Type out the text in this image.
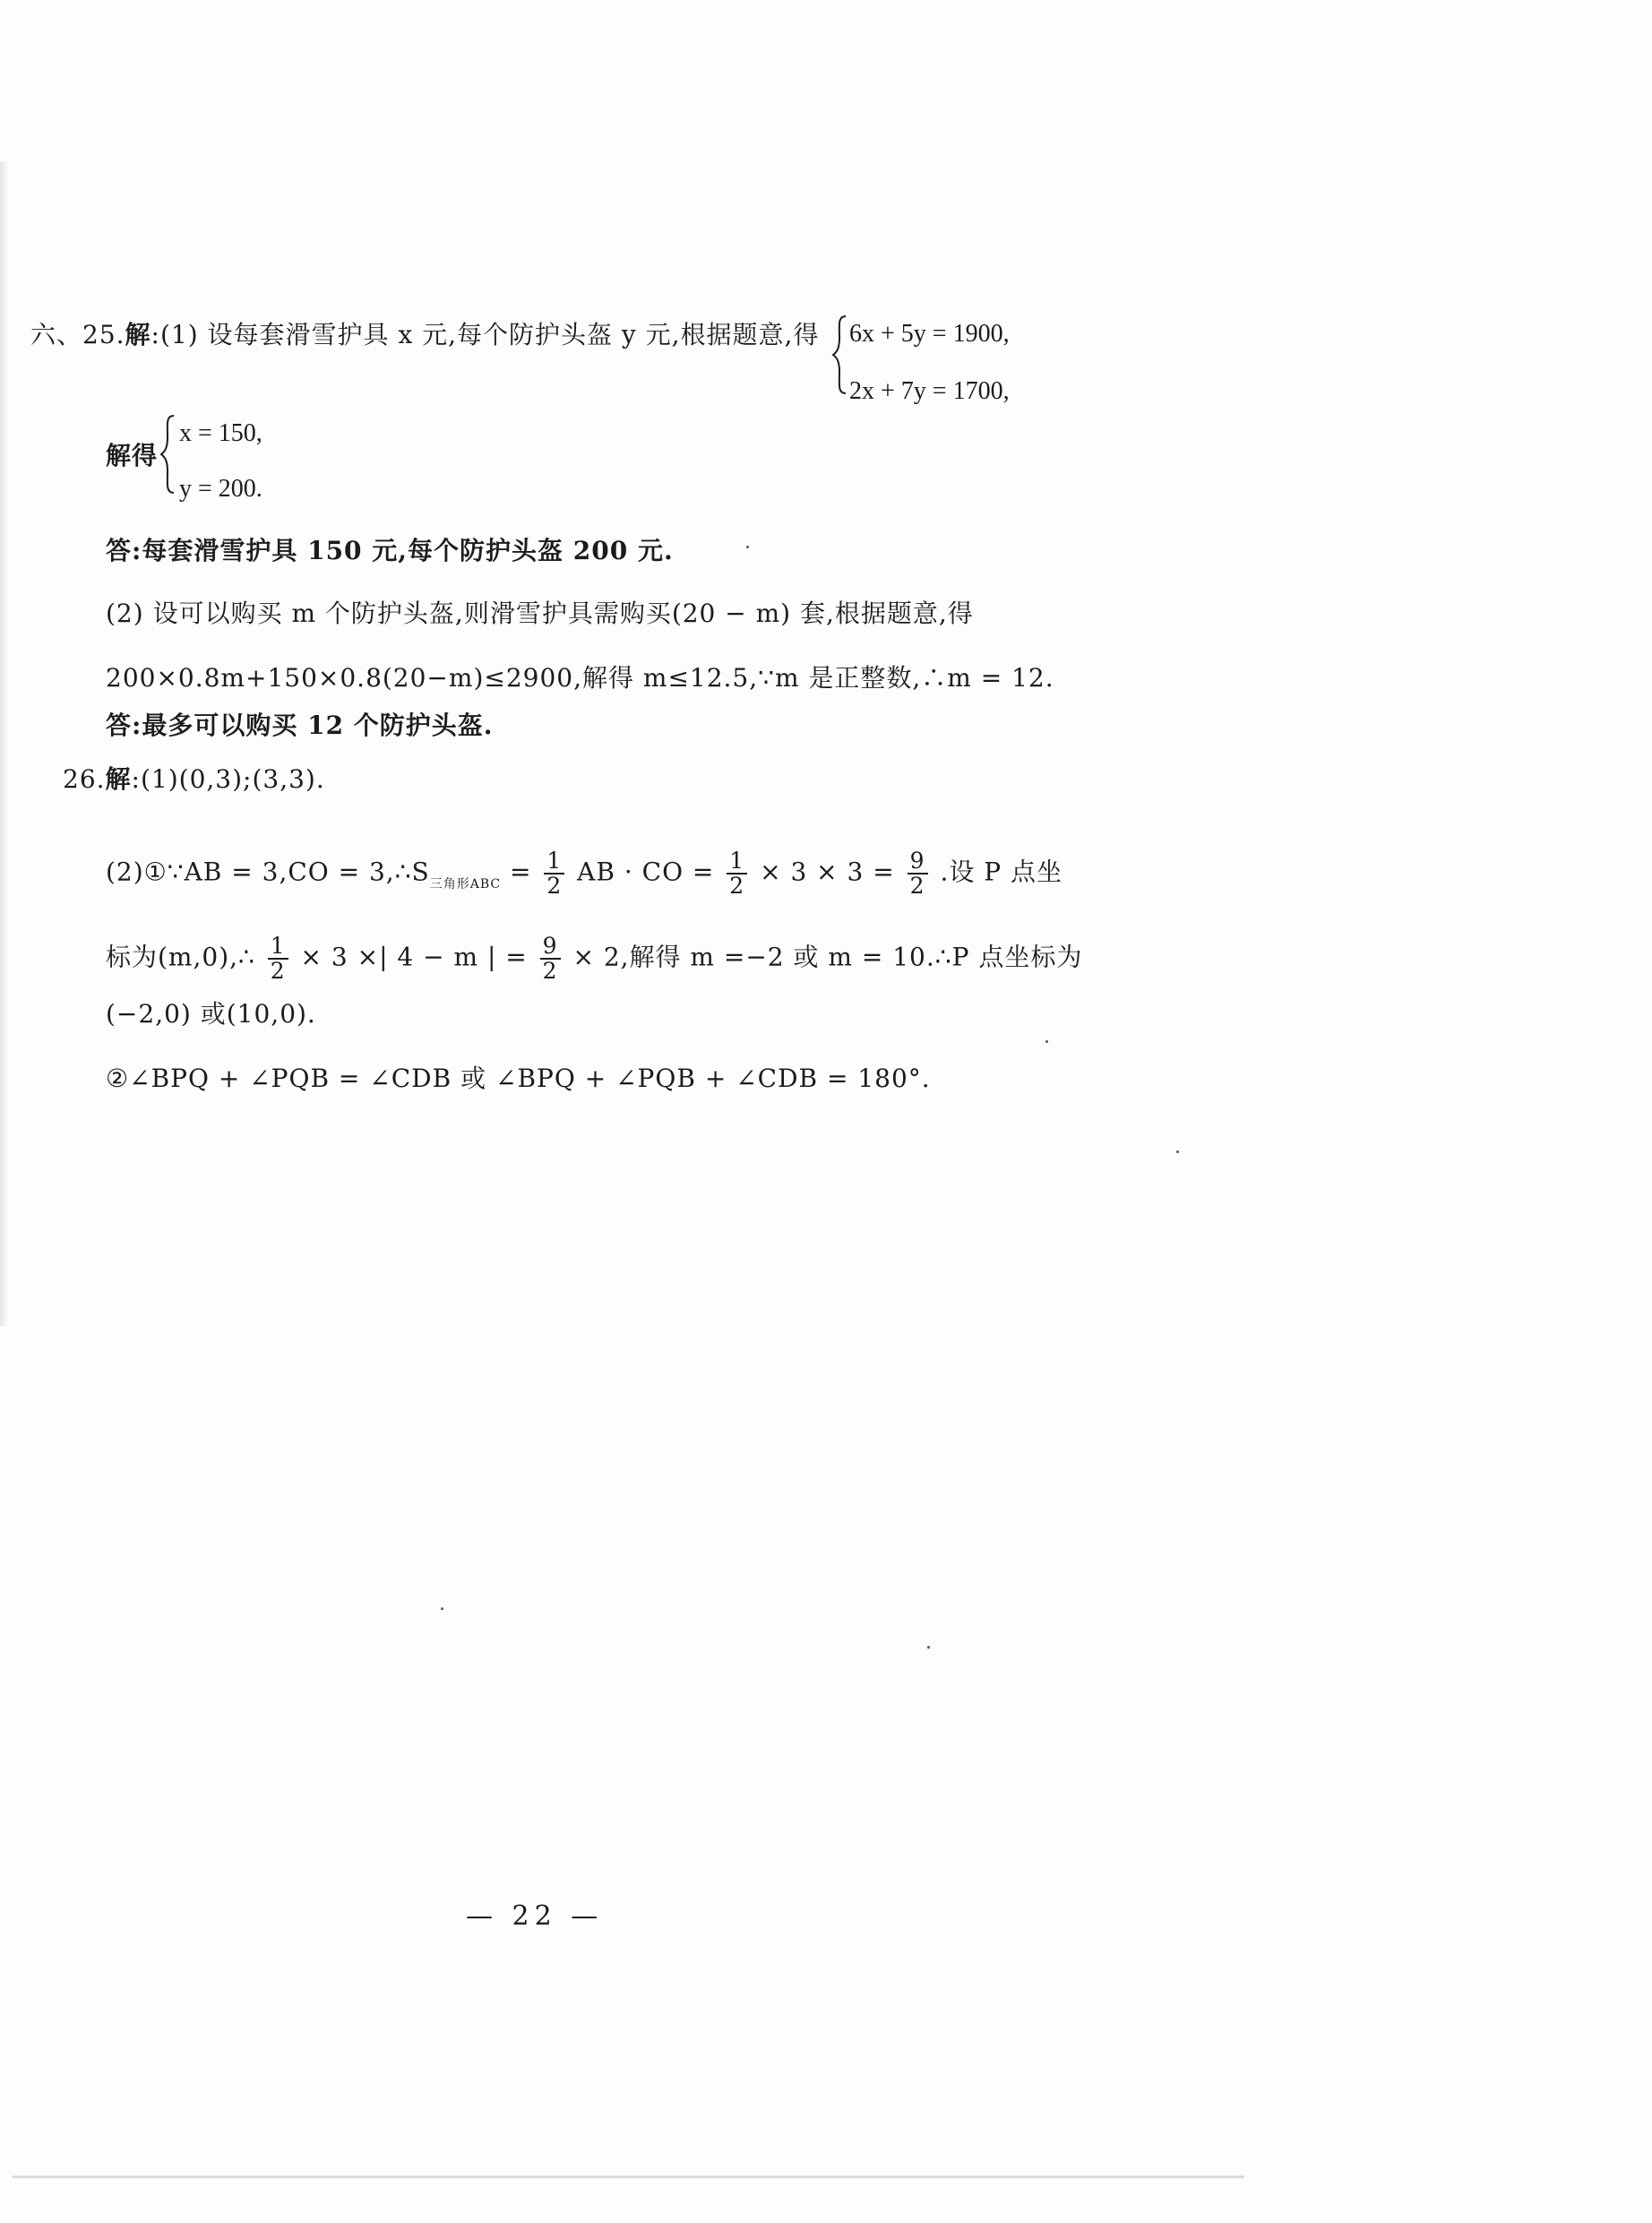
六、25.解:(1) 设每套滑雪护具 x 元,每个防护头盔 y 元,根据题意,得 6x + 5y = 1900,
2x + 7y = 1700,
解得
x = 150,
y = 200.
答:每套滑雪护具 150 元,每个防护头盔 200 元.
(2) 设可以购买 m 个防护头盔,则滑雪护具需购买(20 − m) 套,根据题意,得
200×0.8m+150×0.8(20−m)≤2900,解得 m≤12.5,∵m 是正整数,∴m = 12.
答:最多可以购买 12 个防护头盔.
26.解:(1)(0,3);(3,3).
(2)①∵AB = $3,CO = 3,\therefore S_{三角形ABC} = \frac{1}{2}$ AB · CO = $\frac{1}{2} \times 3 \times 3 = \frac{9}{2}$ .设 P 点坐
标为(m,0),∴ $\frac{1}{2} \times 3$ ×| 4 − m | = $\frac{9}{2} \times 2$,解得 m =−2 或 m = 10.∴P 点坐标为
(−2,0) 或(10,0).
②∠BPQ + ∠PQB = ∠CDB 或 ∠BPQ + ∠PQB + ∠CDB = 180°.
— 22 —
